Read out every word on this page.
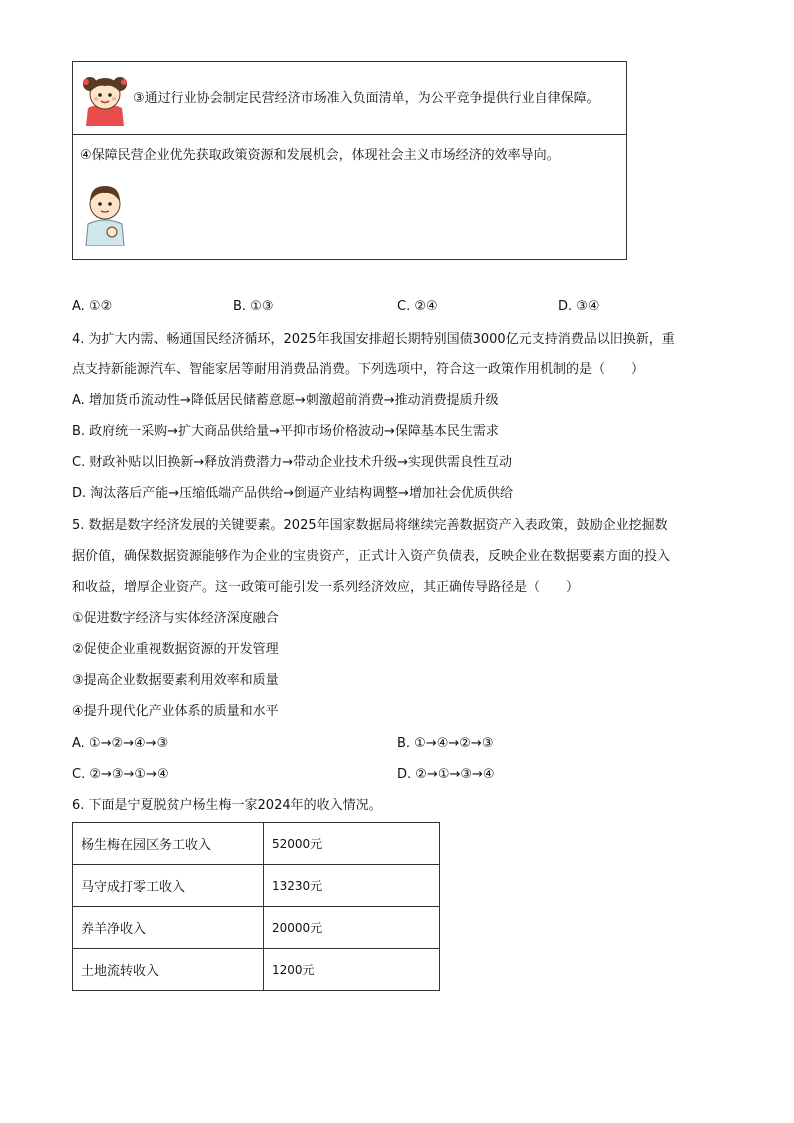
③通过行业协会制定民营经济市场准入负面清单，为公平竞争提供行业自律保障。
④保障民营企业优先获取政策资源和发展机会，体现社会主义市场经济的效率导向。
A. ①②	B. ①③	C. ②④	D. ③④
4. 为扩大内需、畅通国民经济循环，2025年我国安排超长期特别国债3000亿元支持消费品以旧换新，重
点支持新能源汽车、智能家居等耐用消费品消费。下列选项中，符合这一政策作用机制的是（　　）
A. 增加货币流动性→降低居民储蓄意愿→刺激超前消费→推动消费提质升级
B. 政府统一采购→扩大商品供给量→平抑市场价格波动→保障基本民生需求
C. 财政补贴以旧换新→释放消费潜力→带动企业技术升级→实现供需良性互动
D. 淘汰落后产能→压缩低端产品供给→倒逼产业结构调整→增加社会优质供给
5. 数据是数字经济发展的关键要素。2025年国家数据局将继续完善数据资产入表政策，鼓励企业挖掘数
据价值，确保数据资源能够作为企业的宝贵资产，正式计入资产负债表，反映企业在数据要素方面的投入
和收益，增厚企业资产。这一政策可能引发一系列经济效应，其正确传导路径是（　　）
①促进数字经济与实体经济深度融合
②促使企业重视数据资源的开发管理
③提高企业数据要素利用效率和质量
④提升现代化产业体系的质量和水平
A. ①→②→④→③	B. ①→④→②→③
C. ②→③→①→④	D. ②→①→③→④
6. 下面是宁夏脱贫户杨生梅一家2024年的收入情况。
杨生梅在园区务工收入	52000元
马守成打零工收入	13230元
养羊净收入	20000元
土地流转收入	1200元
